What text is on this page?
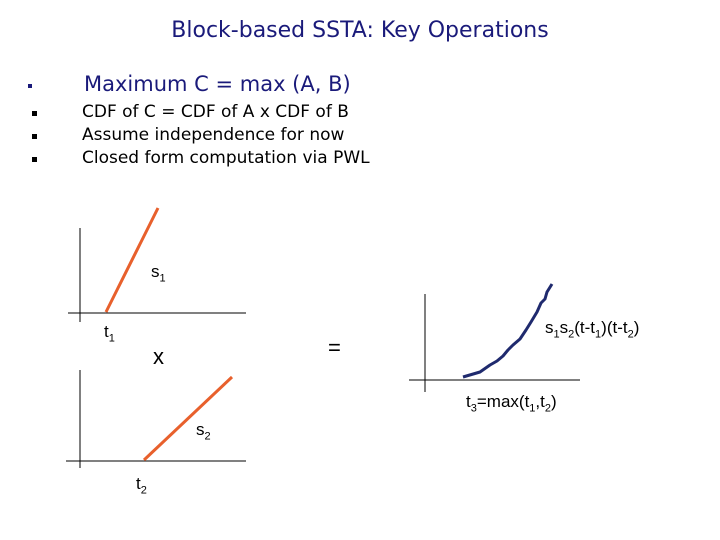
Block-based SSTA: Key Operations
Maximum C = max (A, B)
CDF of C = CDF of A x CDF of B
Assume independence for now
Closed form computation via PWL
$s_1$
$t_1$
x	=
$s_2$
$t_2$
$s_1s_2(t-t_1)(t-t_2)$
$t_3=\max(t_1,t_2)$
